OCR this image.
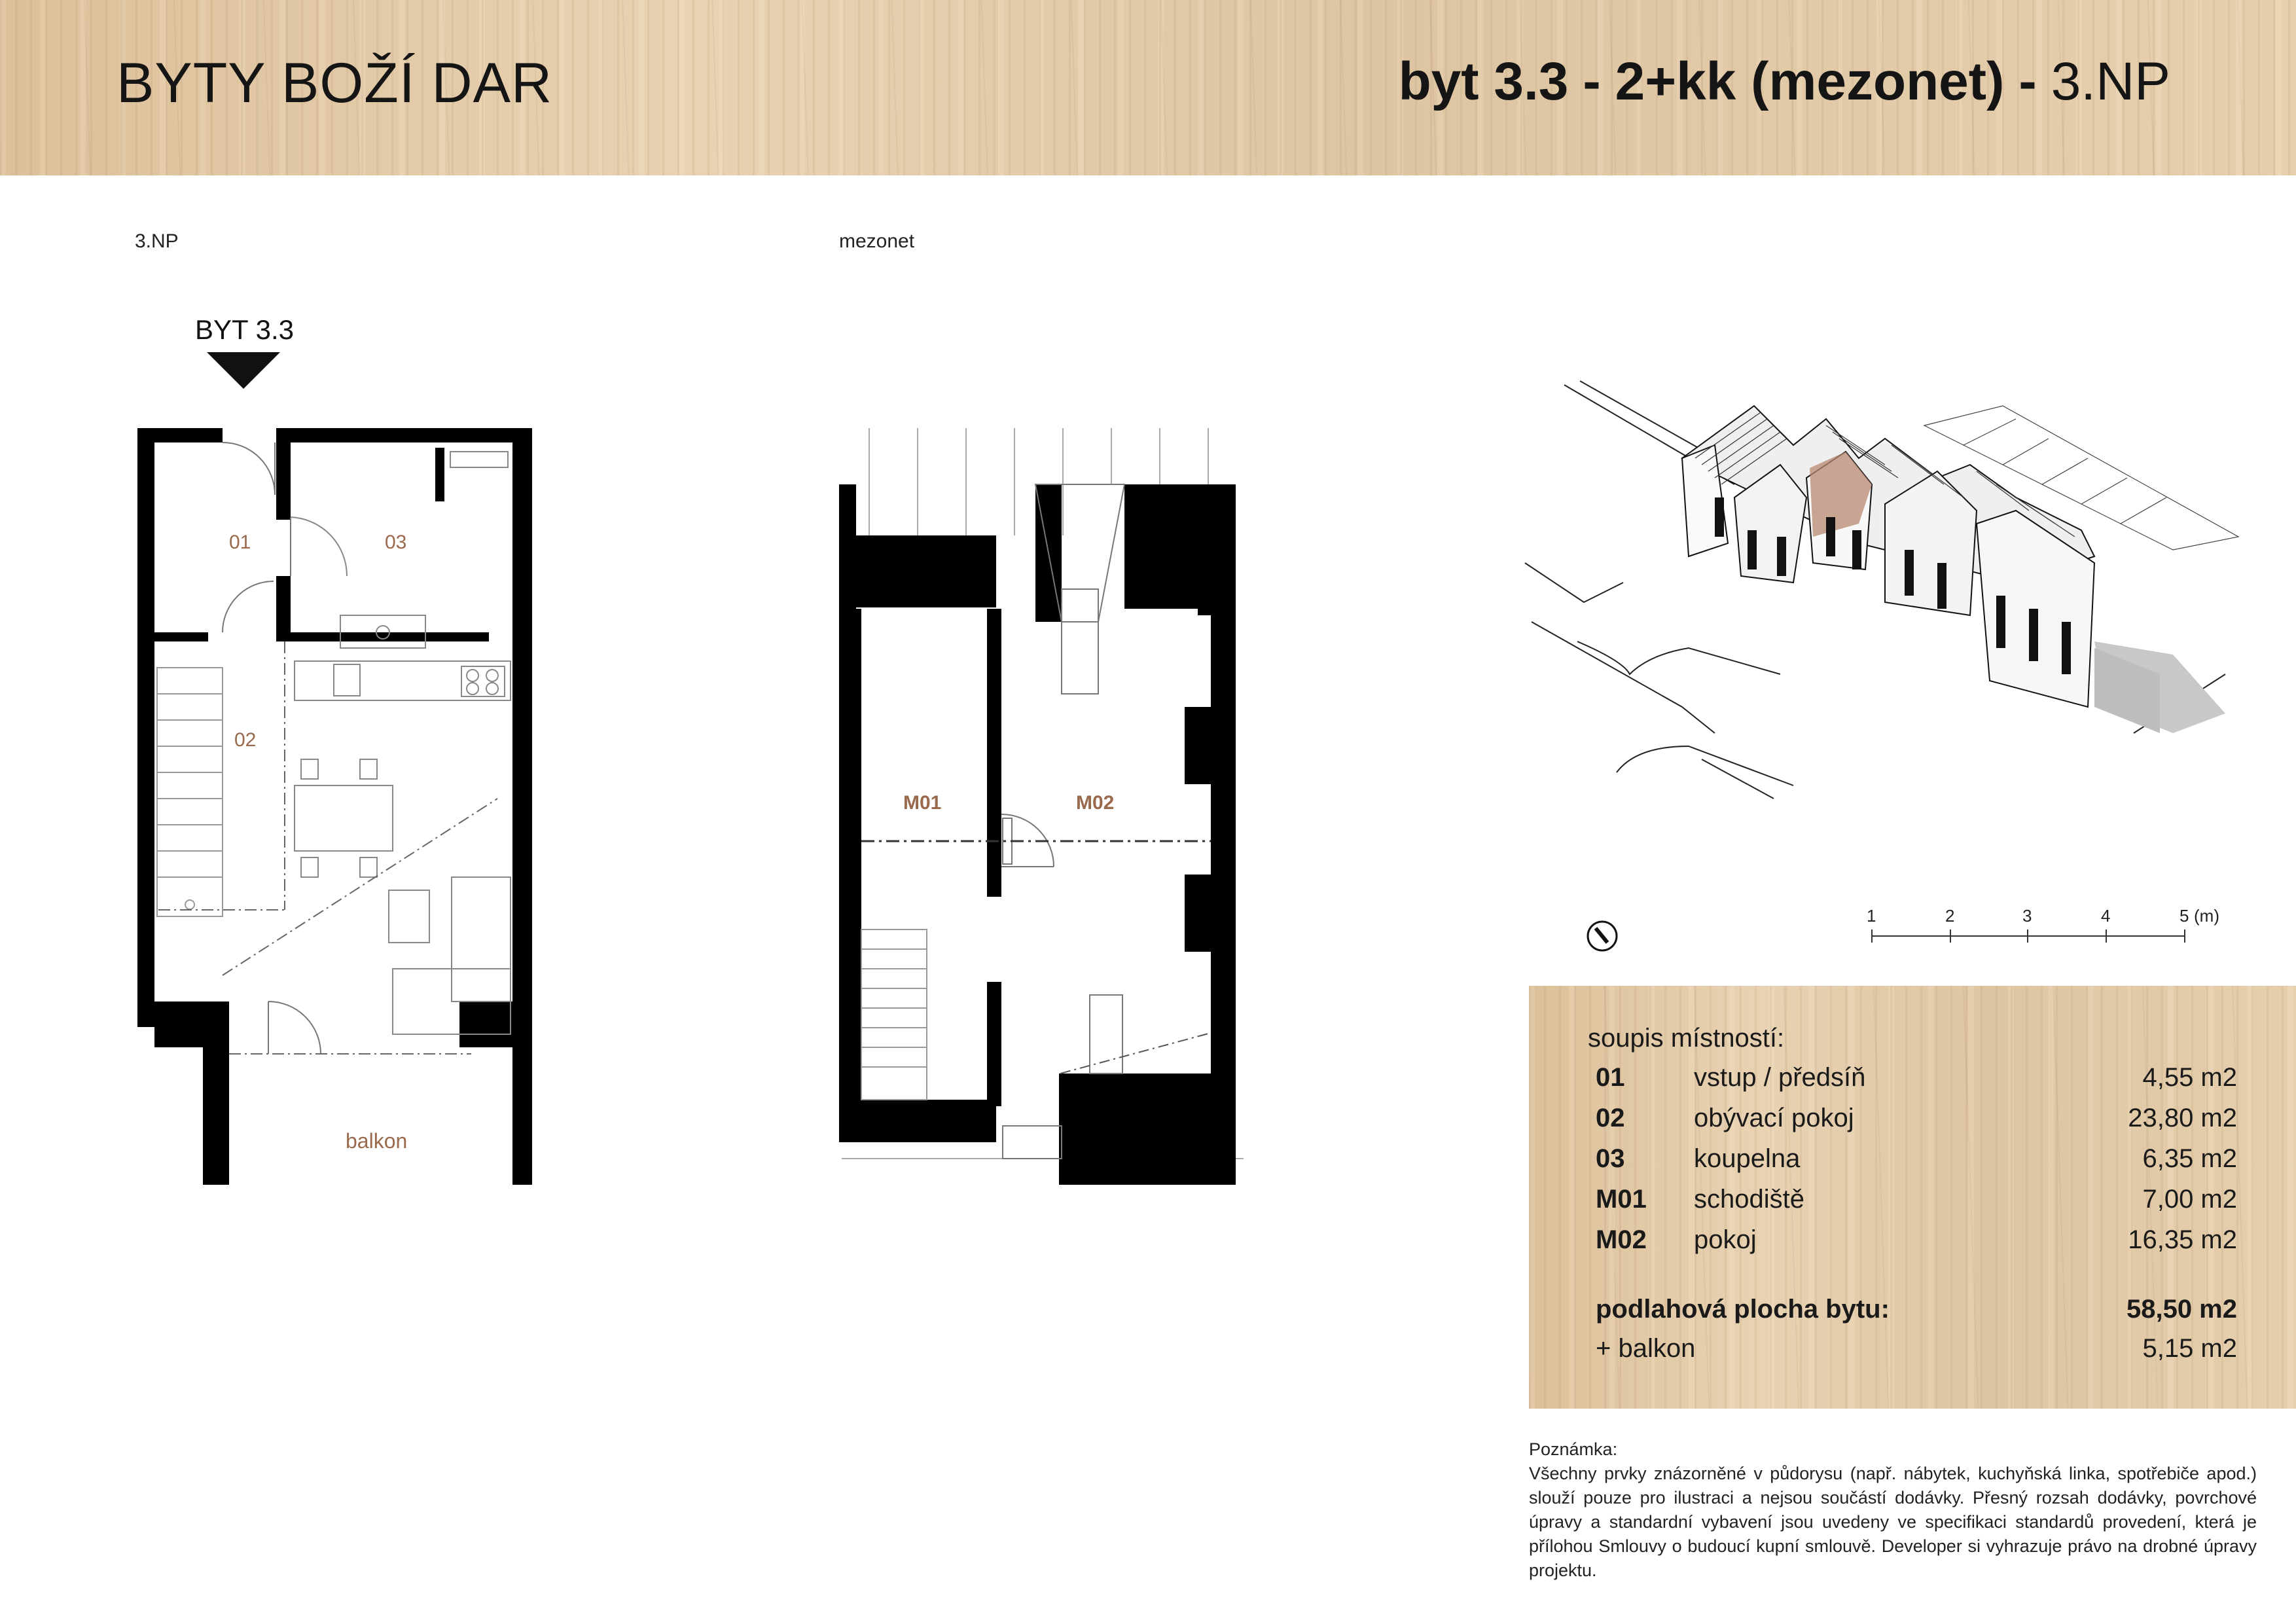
BYTY BOŽÍ DAR	byt 3.3 - 2+kk (mezonet) - 3.NP
3.NP	mezonet
BYT 3.3
01	03
02
balkon
M01	M02
1	2	3	4	5 (m)
soupis místností:
01	vstup / předsíň	4,55 m2
02	obývací pokoj	23,80 m2
03	koupelna	6,35 m2
M01 schodiště	7,00 m2
M02 pokoj	16,35 m2
podlahová plocha bytu:	58,50 m2
+ balkon	5,15 m2
Poznámka:
Všechny prvky znázorněné v půdorysu (např. nábytek, kuchyňská linka, spotřebiče apod.) slouží pouze pro ilustraci a nejsou součástí dodávky. Přesný rozsah dodávky, povrchové úpravy a standardní vybavení jsou uvedeny ve specifikaci standardů provedení, která je přílohou Smlouvy o budoucí kupní smlouvě. Developer si vyhrazuje právo na drobné úpravy projektu.
